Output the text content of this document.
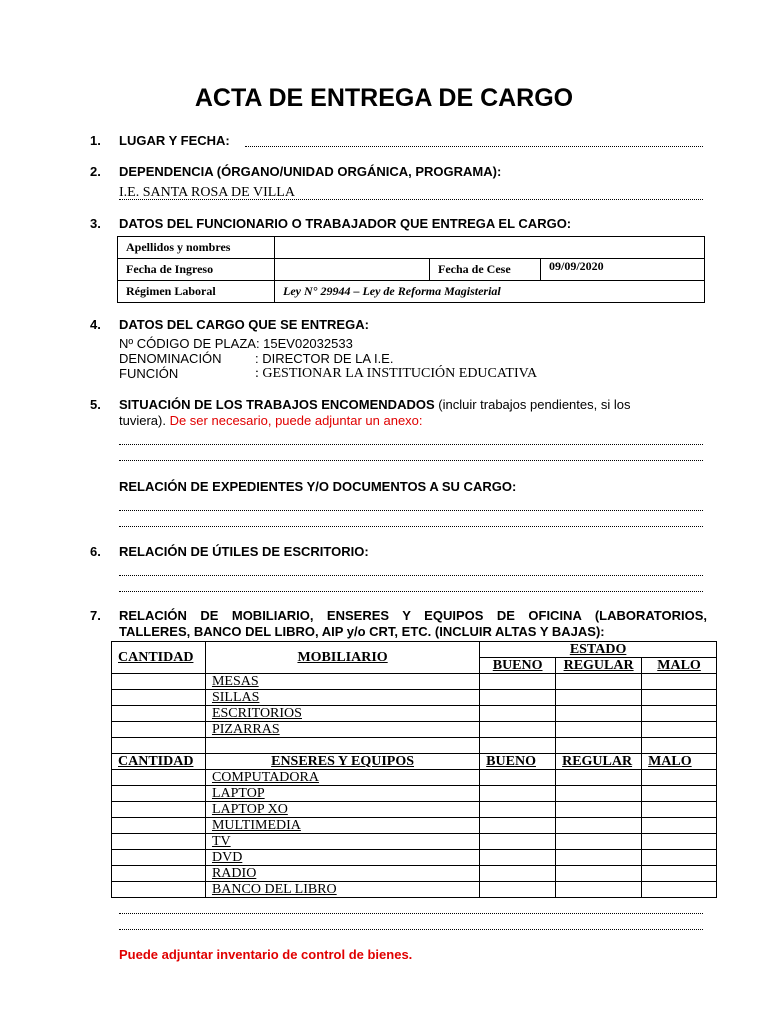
ACTA DE ENTREGA DE CARGO
1. LUGAR Y FECHA:
2. DEPENDENCIA (ÓRGANO/UNIDAD ORGÁNICA, PROGRAMA):
I.E. SANTA ROSA DE VILLA
3. DATOS DEL FUNCIONARIO O TRABAJADOR QUE ENTREGA EL CARGO:
Apellidos y nombres			
Fecha de Ingreso		Fecha de Cese	09/09/2020
Régimen Laboral	Ley N° 29944 – Ley de Reforma Magisterial		
4. DATOS DEL CARGO QUE SE ENTREGA:
Nº CÓDIGO DE PLAZA: 15EV02032533
DENOMINACIÓN	: DIRECTOR DE LA I.E.
FUNCIÓN	: GESTIONAR LA INSTITUCIÓN EDUCATIVA
5. SITUACIÓN DE LOS TRABAJOS ENCOMENDADOS (incluir trabajos pendientes, si los
tuviera). De ser necesario, puede adjuntar un anexo:
RELACIÓN DE EXPEDIENTES Y/O DOCUMENTOS A SU CARGO:
6. RELACIÓN DE ÚTILES DE ESCRITORIO:
7. RELACIÓN DE MOBILIARIO, ENSERES Y EQUIPOS DE OFICINA (LABORATORIOS,
TALLERES, BANCO DEL LIBRO, AIP y/o CRT, ETC. (INCLUIR ALTAS Y BAJAS):
CANTIDAD	MOBILIARIO	ESTADO		
		BUENO	REGULAR	MALO
	MESAS			
	SILLAS			
	ESCRITORIOS			
	PIZARRAS			

CANTIDAD	ENSERES Y EQUIPOS	BUENO	REGULAR	MALO
	COMPUTADORA			
	LAPTOP			
	LAPTOP XO			
	MULTIMEDIA			
	TV			
	DVD			
	RADIO			
	BANCO DEL LIBRO			
Puede adjuntar inventario de control de bienes.
